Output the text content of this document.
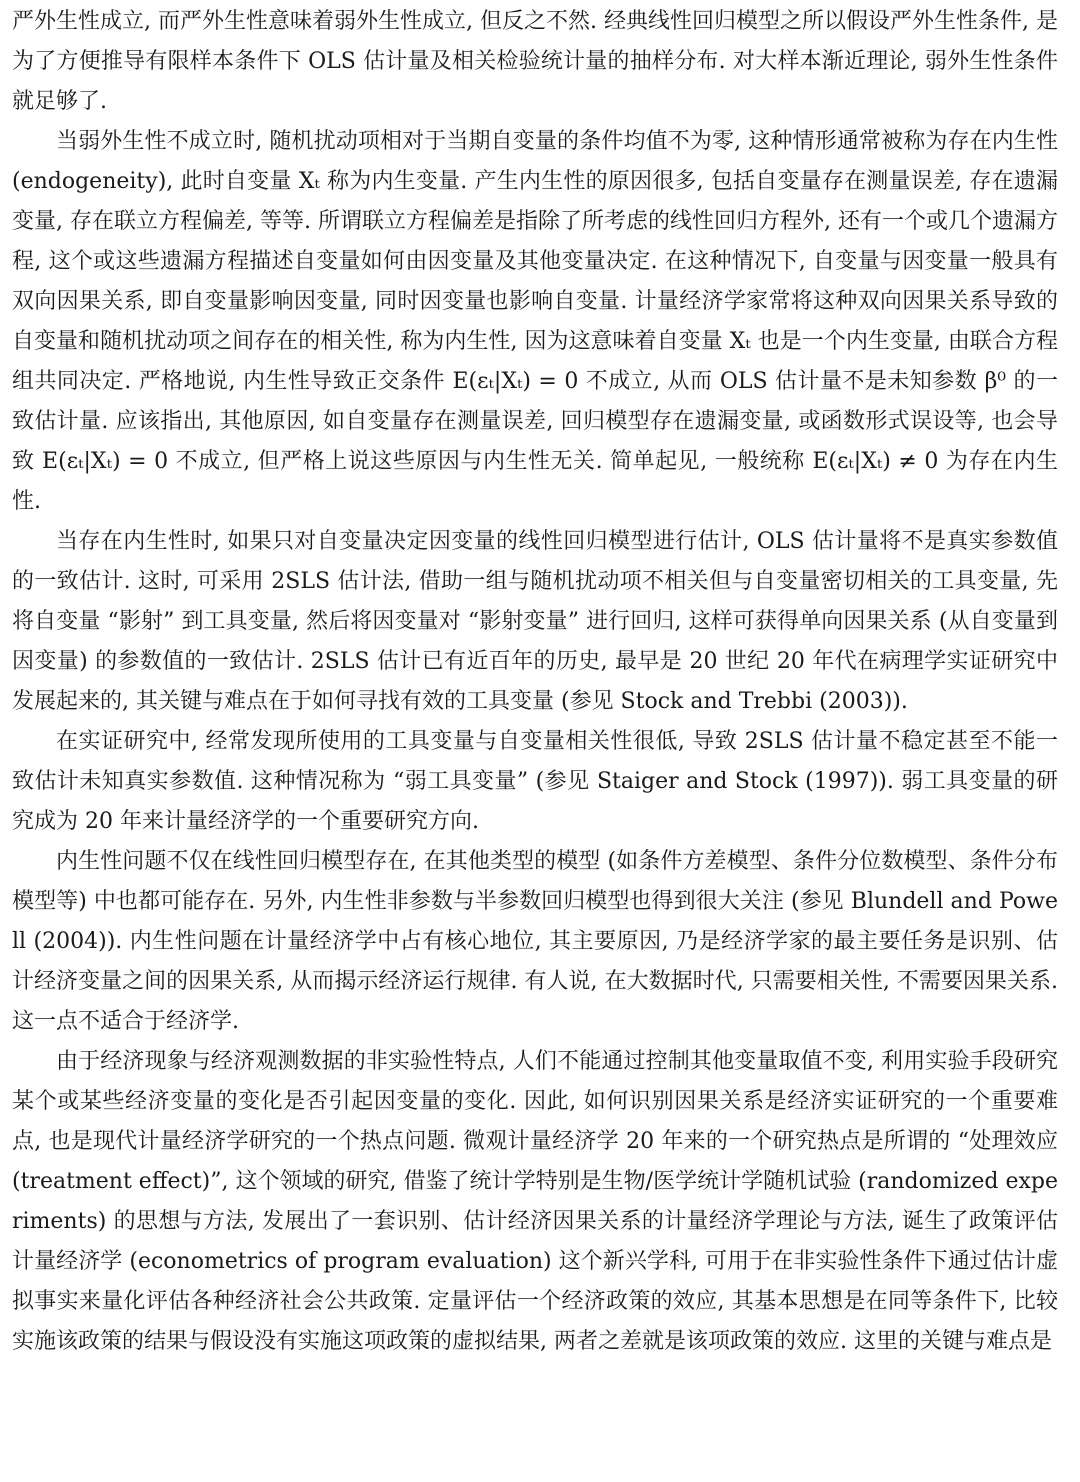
严外生性成立, 而严外生性意味着弱外生性成立, 但反之不然. 经典线性回归模型之所以假设严外生性条件, 是为了方便推导有限样本条件下 OLS 估计量及相关检验统计量的抽样分布. 对大样本渐近理论, 弱外生性条件就足够了.

当弱外生性不成立时, 随机扰动项相对于当期自变量的条件均值不为零, 这种情形通常被称为存在内生性 (endogeneity), 此时自变量 Xₜ 称为内生变量. 产生内生性的原因很多, 包括自变量存在测量误差, 存在遗漏变量, 存在联立方程偏差, 等等. 所谓联立方程偏差是指除了所考虑的线性回归方程外, 还有一个或几个遗漏方程, 这个或这些遗漏方程描述自变量如何由因变量及其他变量决定. 在这种情况下, 自变量与因变量一般具有双向因果关系, 即自变量影响因变量, 同时因变量也影响自变量. 计量经济学家常将这种双向因果关系导致的自变量和随机扰动项之间存在的相关性, 称为内生性, 因为这意味着自变量 Xₜ 也是一个内生变量, 由联合方程组共同决定. 严格地说, 内生性导致正交条件 E(εₜ|Xₜ) = 0 不成立, 从而 OLS 估计量不是未知参数 β⁰ 的一致估计量. 应该指出, 其他原因, 如自变量存在测量误差, 回归模型存在遗漏变量, 或函数形式误设等, 也会导致 E(εₜ|Xₜ) = 0 不成立, 但严格上说这些原因与内生性无关. 简单起见, 一般统称 E(εₜ|Xₜ) ≠ 0 为存在内生性.

当存在内生性时, 如果只对自变量决定因变量的线性回归模型进行估计, OLS 估计量将不是真实参数值的一致估计. 这时, 可采用 2SLS 估计法, 借助一组与随机扰动项不相关但与自变量密切相关的工具变量, 先将自变量 “影射” 到工具变量, 然后将因变量对 “影射变量” 进行回归, 这样可获得单向因果关系 (从自变量到因变量) 的参数值的一致估计. 2SLS 估计已有近百年的历史, 最早是 20 世纪 20 年代在病理学实证研究中发展起来的, 其关键与难点在于如何寻找有效的工具变量 (参见 Stock and Trebbi (2003)).

在实证研究中, 经常发现所使用的工具变量与自变量相关性很低, 导致 2SLS 估计量不稳定甚至不能一致估计未知真实参数值. 这种情况称为 “弱工具变量” (参见 Staiger and Stock (1997)). 弱工具变量的研究成为 20 年来计量经济学的一个重要研究方向.

内生性问题不仅在线性回归模型存在, 在其他类型的模型 (如条件方差模型、条件分位数模型、条件分布模型等) 中也都可能存在. 另外, 内生性非参数与半参数回归模型也得到很大关注 (参见 Blundell and Powell (2004)). 内生性问题在计量经济学中占有核心地位, 其主要原因, 乃是经济学家的最主要任务是识别、估计经济变量之间的因果关系, 从而揭示经济运行规律. 有人说, 在大数据时代, 只需要相关性, 不需要因果关系. 这一点不适合于经济学.

由于经济现象与经济观测数据的非实验性特点, 人们不能通过控制其他变量取值不变, 利用实验手段研究某个或某些经济变量的变化是否引起因变量的变化. 因此, 如何识别因果关系是经济实证研究的一个重要难点, 也是现代计量经济学研究的一个热点问题. 微观计量经济学 20 年来的一个研究热点是所谓的 “处理效应 (treatment effect)”, 这个领域的研究, 借鉴了统计学特别是生物/医学统计学随机试验 (randomized experiments) 的思想与方法, 发展出了一套识别、估计经济因果关系的计量经济学理论与方法, 诞生了政策评估计量经济学 (econometrics of program evaluation) 这个新兴学科, 可用于在非实验性条件下通过估计虚拟事实来量化评估各种经济社会公共政策. 定量评估一个经济政策的效应, 其基本思想是在同等条件下, 比较实施该政策的结果与假设没有实施这项政策的虚拟结果, 两者之差就是该项政策的效应. 这里的关键与难点是
